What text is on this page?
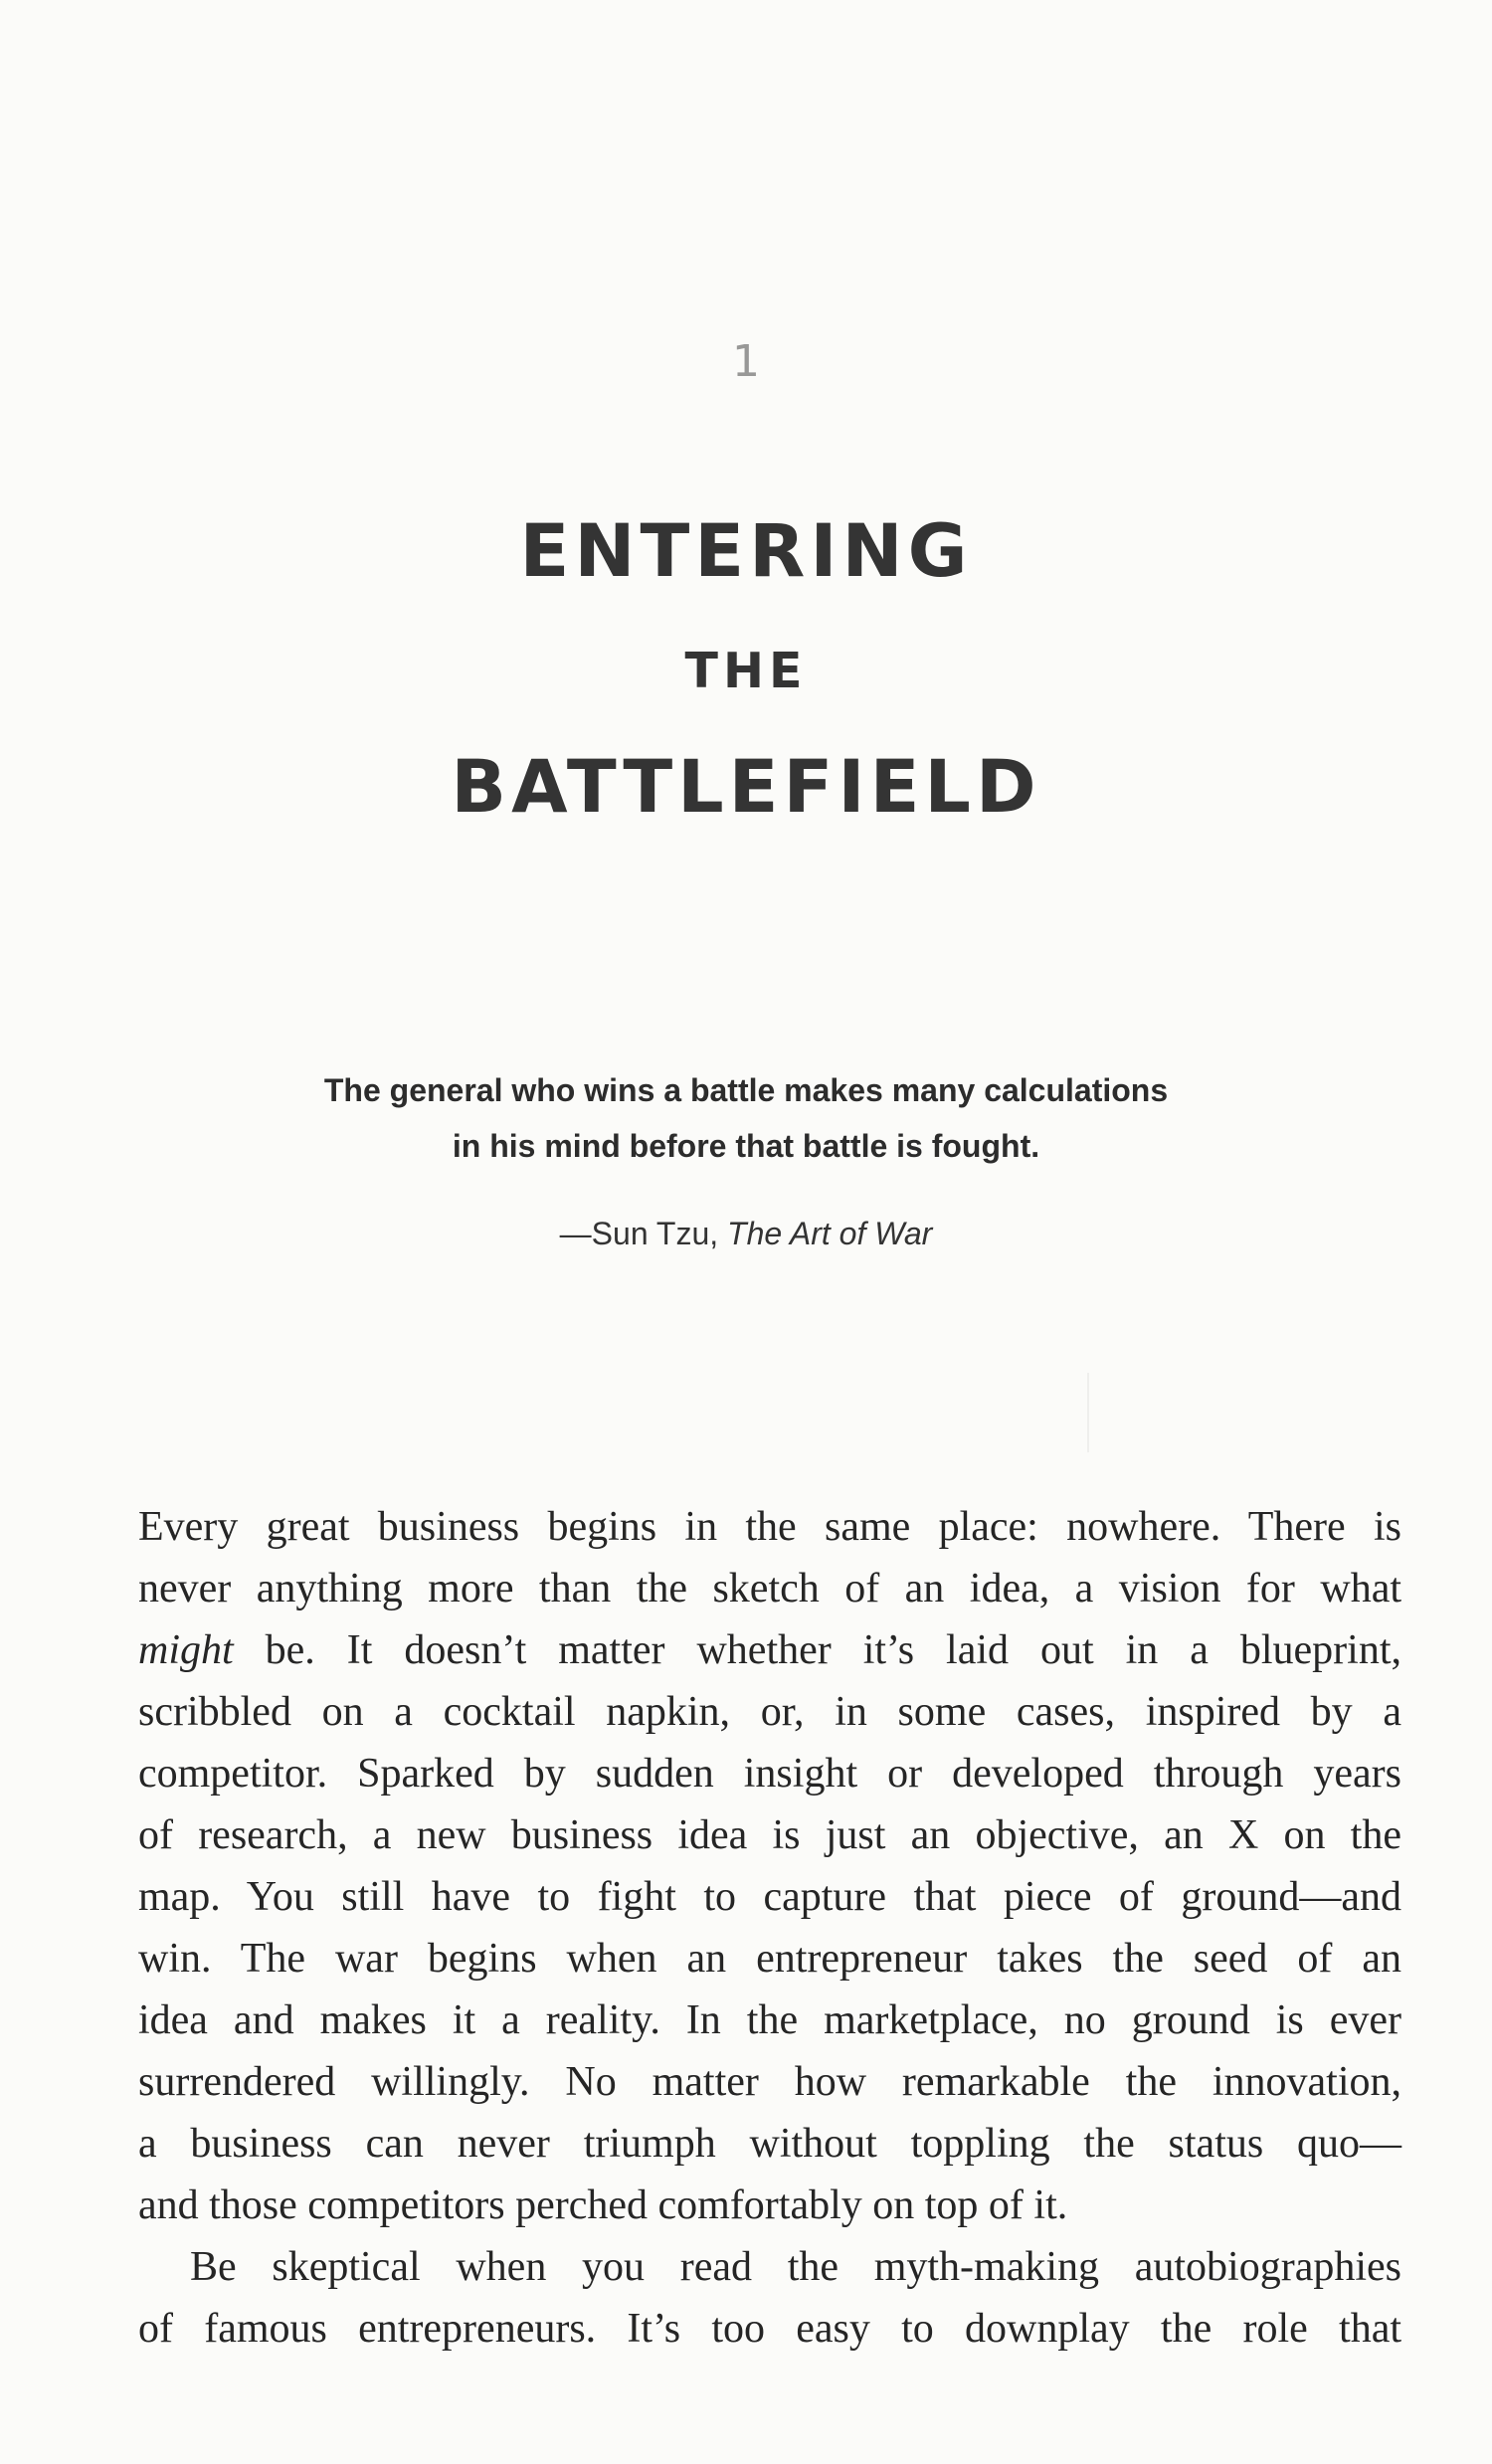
1
ENTERING
THE
BATTLEFIELD
The general who wins a battle makes many calculations
in his mind before that battle is fought.
—Sun Tzu, The Art of War
Every great business begins in the same place: nowhere. There is
never anything more than the sketch of an idea, a vision for what
might be. It doesn’t matter whether it’s laid out in a blueprint,
scribbled on a cocktail napkin, or, in some cases, inspired by a
competitor. Sparked by sudden insight or developed through years
of research, a new business idea is just an objective, an X on the
map. You still have to fight to capture that piece of ground—and
win. The war begins when an entrepreneur takes the seed of an
idea and makes it a reality. In the marketplace, no ground is ever
surrendered willingly. No matter how remarkable the innovation,
a business can never triumph without toppling the status quo—
and those competitors perched comfortably on top of it.
Be skeptical when you read the myth-making autobiographies
of famous entrepreneurs. It’s too easy to downplay the role that
